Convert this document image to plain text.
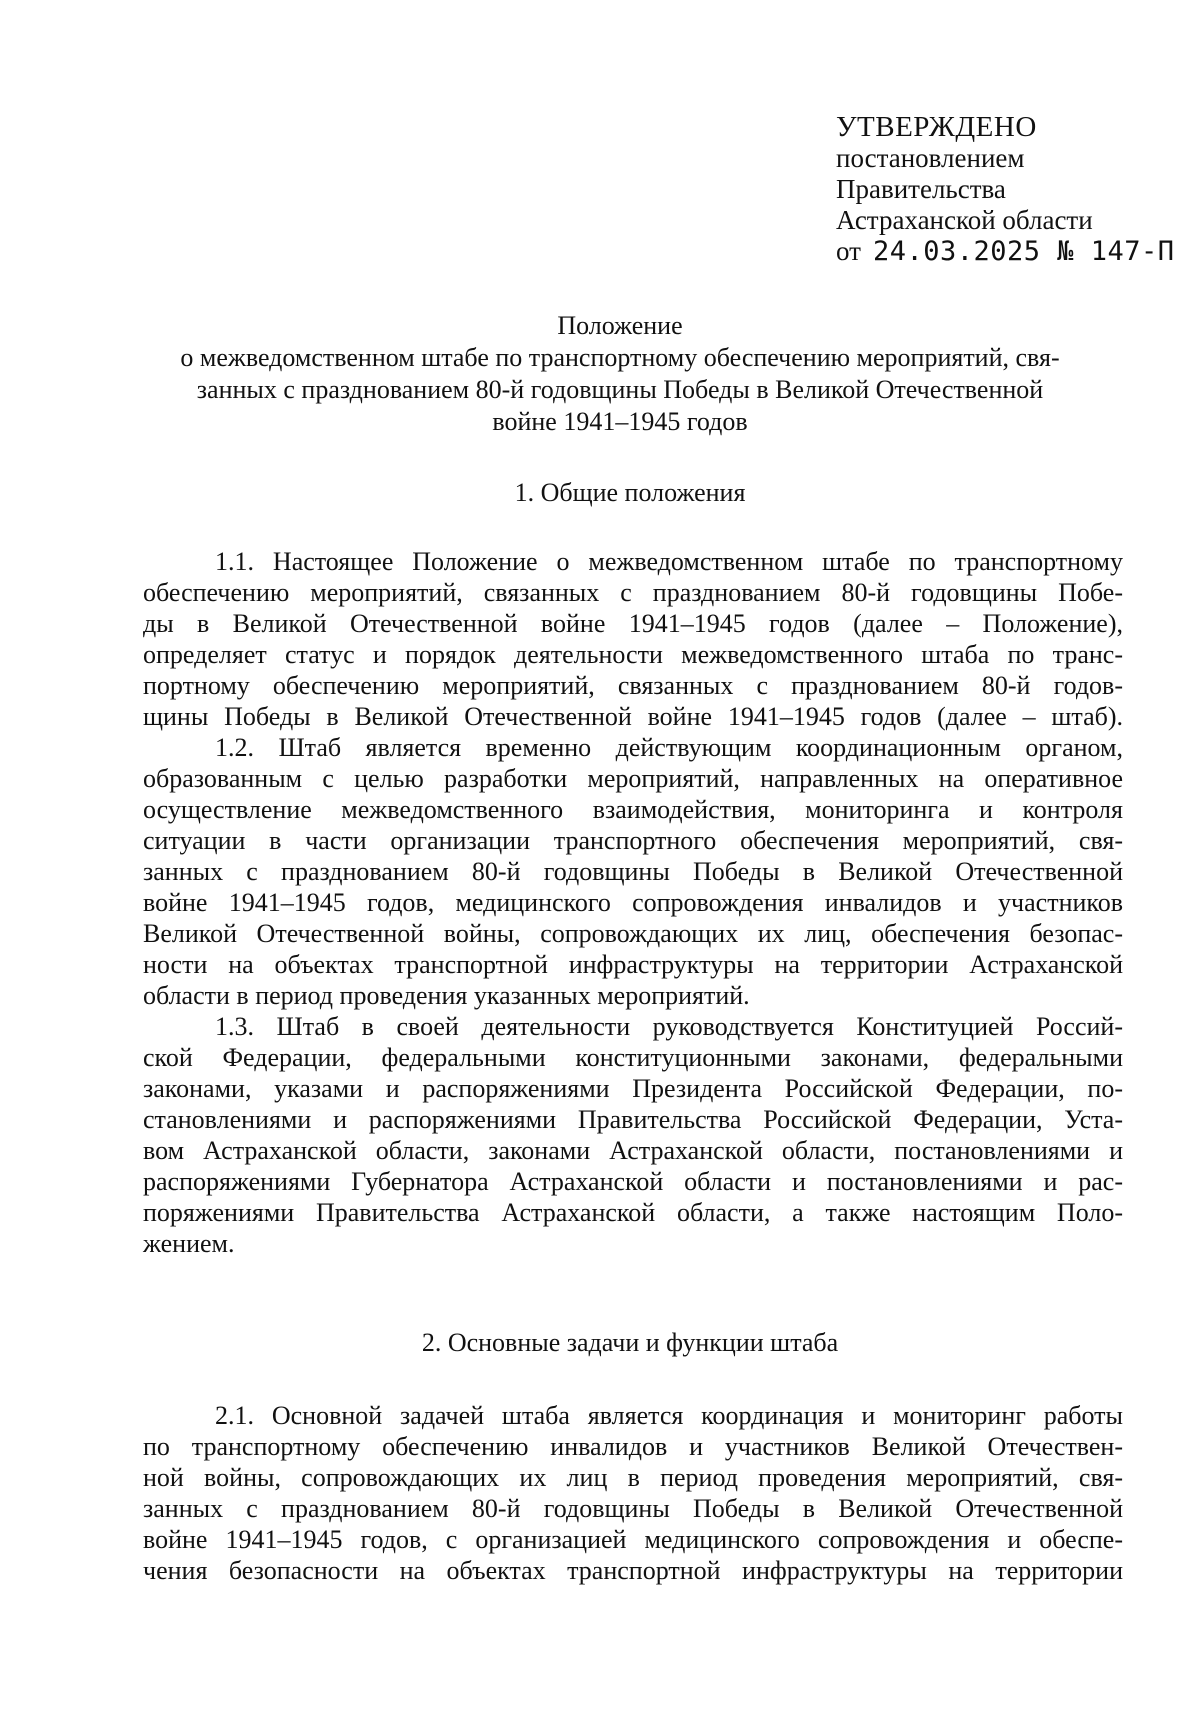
УТВЕРЖДЕНО
постановлением
Правительства
Астраханской области
от 24.03.2025 № 147-П
Положение
о межведомственном штабе по транспортному обеспечению мероприятий, свя-
занных с празднованием 80-й годовщины Победы в Великой Отечественной
войне 1941–1945 годов
1. Общие положения
1.1. Настоящее Положение о межведомственном штабе по транспортному
обеспечению мероприятий, связанных с празднованием 80-й годовщины Побе-
ды в Великой Отечественной войне 1941–1945 годов (далее – Положение),
определяет статус и порядок деятельности межведомственного штаба по транс-
портному обеспечению мероприятий, связанных с празднованием 80-й годов-
щины Победы в Великой Отечественной войне 1941–1945 годов (далее – штаб).
1.2. Штаб является временно действующим координационным органом,
образованным с целью разработки мероприятий, направленных на оперативное
осуществление межведомственного взаимодействия, мониторинга и контроля
ситуации в части организации транспортного обеспечения мероприятий, свя-
занных с празднованием 80-й годовщины Победы в Великой Отечественной
войне 1941–1945 годов, медицинского сопровождения инвалидов и участников
Великой Отечественной войны, сопровождающих их лиц, обеспечения безопас-
ности на объектах транспортной инфраструктуры на территории Астраханской
области в период проведения указанных мероприятий.
1.3. Штаб в своей деятельности руководствуется Конституцией Россий-
ской Федерации, федеральными конституционными законами, федеральными
законами, указами и распоряжениями Президента Российской Федерации, по-
становлениями и распоряжениями Правительства Российской Федерации, Уста-
вом Астраханской области, законами Астраханской области, постановлениями и
распоряжениями Губернатора Астраханской области и постановлениями и рас-
поряжениями Правительства Астраханской области, а также настоящим Поло-
жением.
2. Основные задачи и функции штаба
2.1. Основной задачей штаба является координация и мониторинг работы
по транспортному обеспечению инвалидов и участников Великой Отечествен-
ной войны, сопровождающих их лиц в период проведения мероприятий, свя-
занных с празднованием 80-й годовщины Победы в Великой Отечественной
войне 1941–1945 годов, с организацией медицинского сопровождения и обеспе-
чения безопасности на объектах транспортной инфраструктуры на территории
